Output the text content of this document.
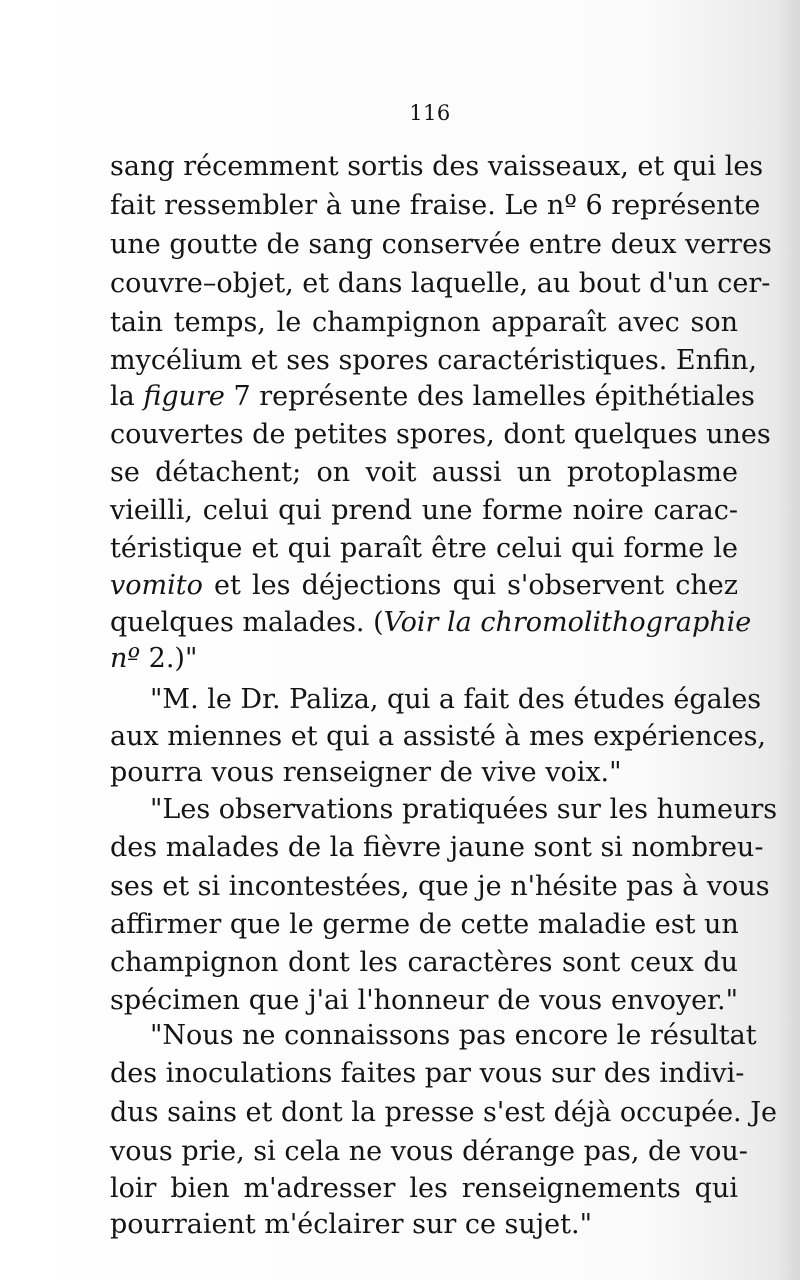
116
sang récemment sortis des vaisseaux, et qui les
fait ressembler à une fraise. Le nº 6 représente
une goutte de sang conservée entre deux verres
couvre–objet, et dans laquelle, au bout d'un cer-
tain temps, le champignon apparaît avec son
mycélium et ses spores caractéristiques. Enfin,
la figure 7 représente des lamelles épithétiales
couvertes de petites spores, dont quelques unes
se détachent; on voit aussi un protoplasme
vieilli, celui qui prend une forme noire carac-
téristique et qui paraît être celui qui forme le
vomito et les déjections qui s'observent chez
quelques malades. (Voir la chromolithographie
nº 2.)"
"M. le Dr. Paliza, qui a fait des études égales
aux miennes et qui a assisté à mes expériences,
pourra vous renseigner de vive voix."
"Les observations pratiquées sur les humeurs
des malades de la fièvre jaune sont si nombreu-
ses et si incontestées, que je n'hésite pas à vous
affirmer que le germe de cette maladie est un
champignon dont les caractères sont ceux du
spécimen que j'ai l'honneur de vous envoyer."
"Nous ne connaissons pas encore le résultat
des inoculations faites par vous sur des indivi-
dus sains et dont la presse s'est déjà occupée. Je
vous prie, si cela ne vous dérange pas, de vou-
loir bien m'adresser les renseignements qui
pourraient m'éclairer sur ce sujet."
